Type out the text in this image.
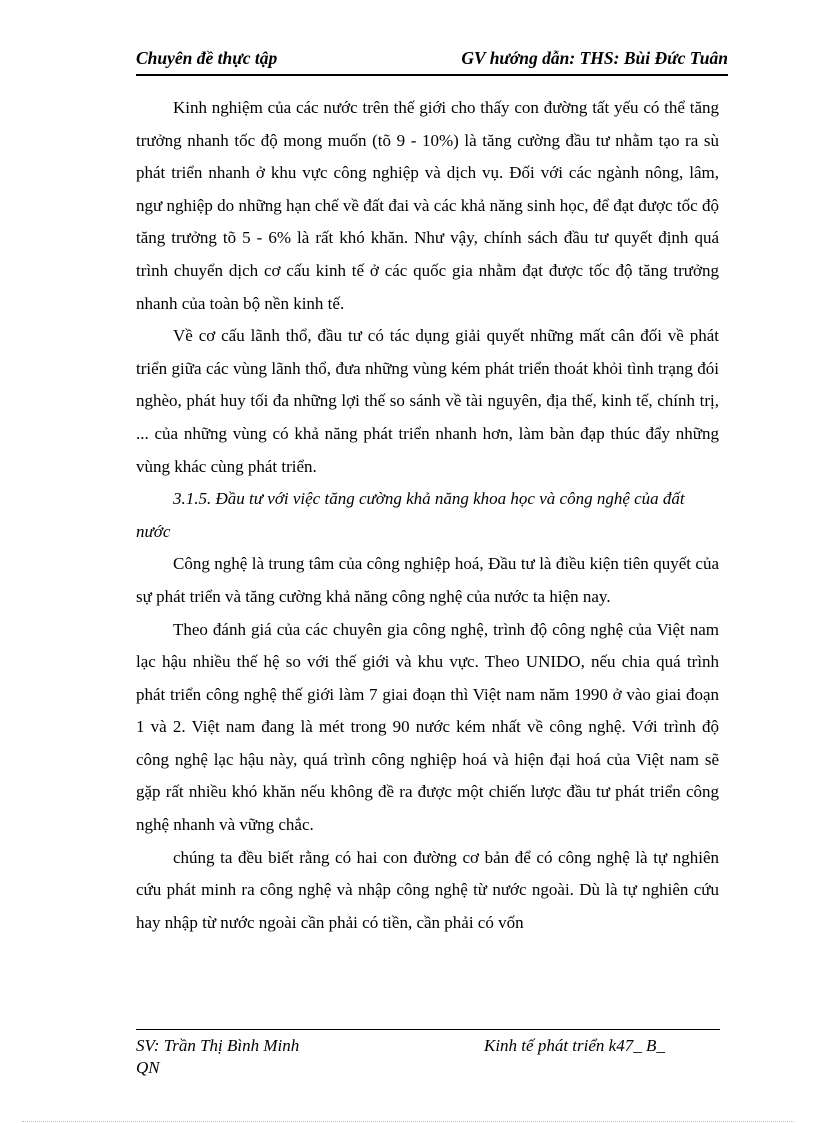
Chuyên đề thực tập	GV hướng dẫn: THS: Bùi Đức Tuân

Kinh nghiệm của các nước trên thế giới cho thấy con đường tất yếu có thể tăng trưởng nhanh tốc độ mong muốn (tõ 9 - 10%) là tăng cường đầu tư nhằm tạo ra sù phát triển nhanh ở khu vực công nghiệp và dịch vụ. Đối với các ngành nông, lâm, ngư nghiệp do những hạn chế về đất đai và các khả năng sinh học, để đạt được tốc độ tăng trưởng tõ 5 - 6% là rất khó khăn. Như vậy, chính sách đầu tư quyết định quá trình chuyển dịch cơ cấu kinh tế ở các quốc gia nhằm đạt được tốc độ tăng trưởng nhanh của toàn bộ nền kinh tế.

Về cơ cấu lãnh thổ, đầu tư có tác dụng giải quyết những mất cân đối về phát triển giữa các vùng lãnh thổ, đưa những vùng kém phát triển thoát khỏi tình trạng đói nghèo, phát huy tối đa những lợi thế so sánh về tài nguyên, địa thế, kinh tế, chính trị, ... của những vùng có khả năng phát triển nhanh hơn, làm bàn đạp thúc đẩy những vùng khác cùng phát triển.

3.1.5. Đầu tư với việc tăng cường khả năng khoa học và công nghệ của đất nước

Công nghệ là trung tâm của công nghiệp hoá, Đầu tư là điều kiện tiên quyết của sự phát triển và tăng cường khả năng công nghệ của nước ta hiện nay.

Theo đánh giá của các chuyên gia công nghệ, trình độ công nghệ của Việt nam lạc hậu nhiều thế hệ so với thế giới và khu vực. Theo UNIDO, nếu chia quá trình phát triển công nghệ thế giới làm 7 giai đoạn thì Việt nam năm 1990 ở vào giai đoạn 1 và 2. Việt nam đang là mét trong 90 nước kém nhất về công nghệ. Với trình độ công nghệ lạc hậu này, quá trình công nghiệp hoá và hiện đại hoá của Việt nam sẽ gặp rất nhiều khó khăn nếu không đề ra được một chiến lược đầu tư phát triển công nghệ nhanh và vững chắc.

chúng ta đều biết rằng có hai con đường cơ bản để có công nghệ là tự nghiên cứu phát minh ra công nghệ và nhập công nghệ từ nước ngoài. Dù là tự nghiên cứu hay nhập từ nước ngoài cần phải có tiền, cần phải có vốn

SV: Trần Thị Bình Minh	Kinh tế phát triển k47_ B_
QN
